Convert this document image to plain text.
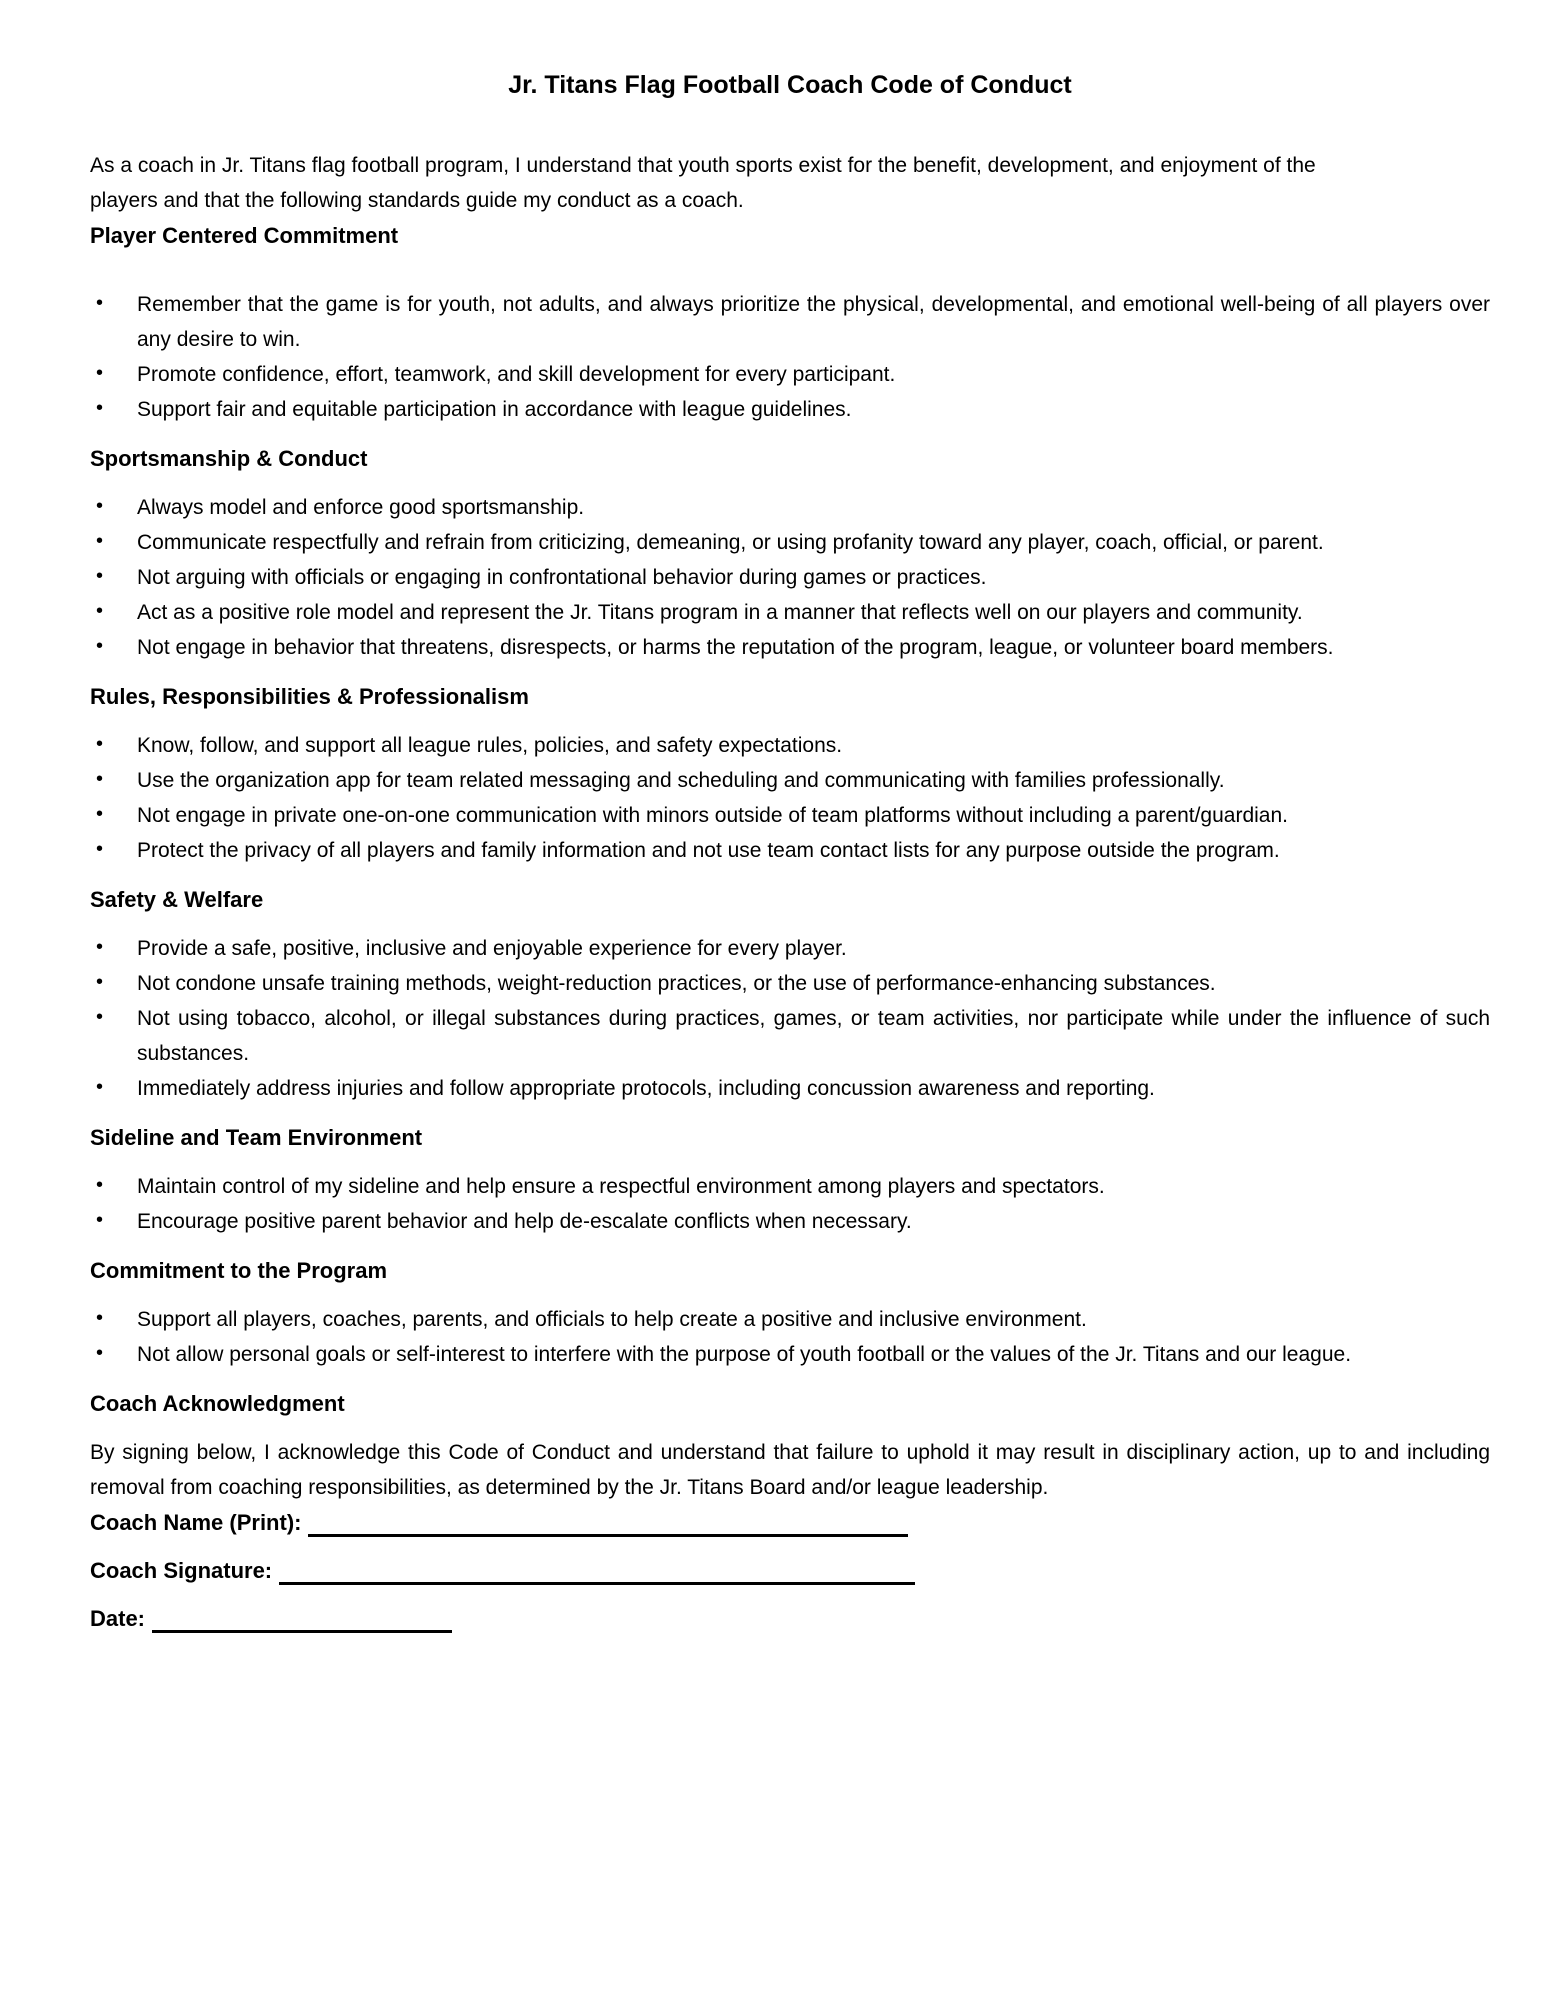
Jr. Titans Flag Football Coach Code of Conduct

As a coach in Jr. Titans flag football program, I understand that youth sports exist for the benefit, development, and enjoyment of the players and that the following standards guide my conduct as a coach.

Player Centered Commitment
• Remember that the game is for youth, not adults, and always prioritize the physical, developmental, and emotional well-being of all players over any desire to win.
• Promote confidence, effort, teamwork, and skill development for every participant.
• Support fair and equitable participation in accordance with league guidelines.
Sportsmanship & Conduct
• Always model and enforce good sportsmanship.
• Communicate respectfully and refrain from criticizing, demeaning, or using profanity toward any player, coach, official, or parent.
• Not arguing with officials or engaging in confrontational behavior during games or practices.
• Act as a positive role model and represent the Jr. Titans program in a manner that reflects well on our players and community.
• Not engage in behavior that threatens, disrespects, or harms the reputation of the program, league, or volunteer board members.
Rules, Responsibilities & Professionalism
• Know, follow, and support all league rules, policies, and safety expectations.
• Use the organization app for team related messaging and scheduling and communicating with families professionally.
• Not engage in private one-on-one communication with minors outside of team platforms without including a parent/guardian.
• Protect the privacy of all players and family information and not use team contact lists for any purpose outside the program.
Safety & Welfare
• Provide a safe, positive, inclusive and enjoyable experience for every player.
• Not condone unsafe training methods, weight-reduction practices, or the use of performance-enhancing substances.
• Not using tobacco, alcohol, or illegal substances during practices, games, or team activities, nor participate while under the influence of such substances.
• Immediately address injuries and follow appropriate protocols, including concussion awareness and reporting.
Sideline and Team Environment
• Maintain control of my sideline and help ensure a respectful environment among players and spectators.
• Encourage positive parent behavior and help de-escalate conflicts when necessary.
Commitment to the Program
• Support all players, coaches, parents, and officials to help create a positive and inclusive environment.
• Not allow personal goals or self-interest to interfere with the purpose of youth football or the values of the Jr. Titans and our league.
Coach Acknowledgment

By signing below, I acknowledge this Code of Conduct and understand that failure to uphold it may result in disciplinary action, up to and including removal from coaching responsibilities, as determined by the Jr. Titans Board and/or league leadership.

Coach Name (Print):
Coach Signature:
Date:
